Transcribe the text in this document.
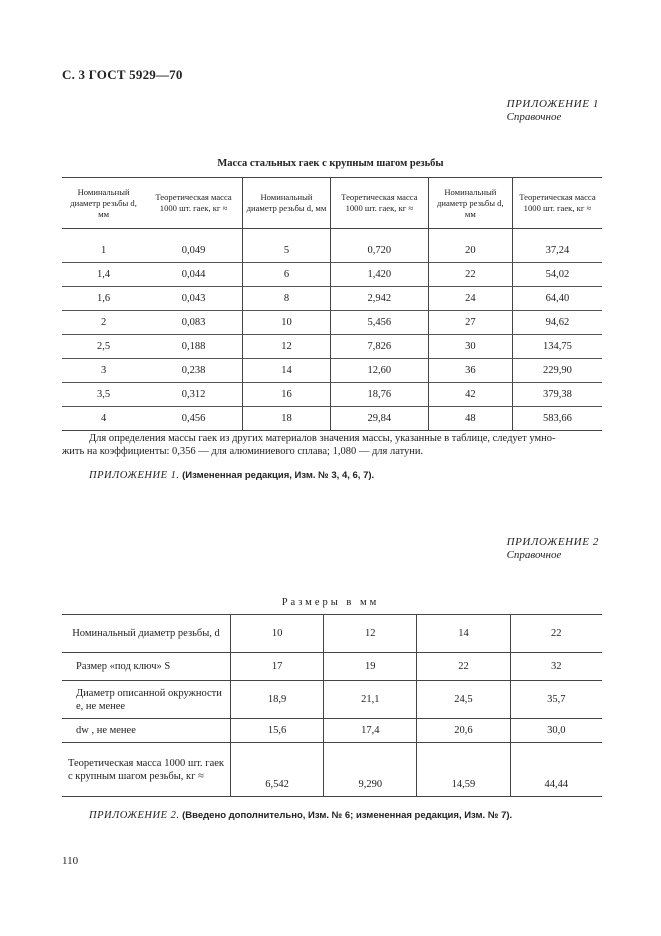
С. 3 ГОСТ 5929—70
ПРИЛОЖЕНИЕ 1
Справочное
Масса стальных гаек с крупным шагом резьбы
Номинальный диаметр резьбы d, мм	Теоретическая масса 1000 шт. гаек, кг ≈	Номинальный диаметр резьбы d, мм	Теоретическая масса 1000 шт. гаек, кг ≈	Номинальный диаметр резьбы d, мм	Теоретическая масса 1000 шт. гаек, кг ≈

1	0,049	5	0,720	20	37,24
1,4	0,044	6	1,420	22	54,02
1,6	0,043	8	2,942	24	64,40
2	0,083	10	5,456	27	94,62
2,5	0,188	12	7,826	30	134,75
3	0,238	14	12,60	36	229,90
3,5	0,312	16	18,76	42	379,38
4	0,456	18	29,84	48	583,66
Для определения массы гаек из других материалов значения массы, указанные в таблице, следует умно-
жить на коэффициенты: 0,356 — для алюминиевого сплава; 1,080 — для латуни.
ПРИЛОЖЕНИЕ 1. (Измененная редакция, Изм. № 3, 4, 6, 7).
ПРИЛОЖЕНИЕ 2
Справочное
Размеры в мм
Номинальный диаметр резьбы, d	10	12	14	22
Размер «под ключ» S	17	19	22	32
Диаметр описанной окружности e, не менее	18,9	21,1	24,5	35,7
dw , не менее	15,6	17,4	20,6	30,0
Теоретическая масса 1000 шт. гаек с крупным шагом резьбы, кг ≈	6,542	9,290	14,59	44,44
ПРИЛОЖЕНИЕ 2. (Введено дополнительно, Изм. № 6; измененная редакция, Изм. № 7).
110
